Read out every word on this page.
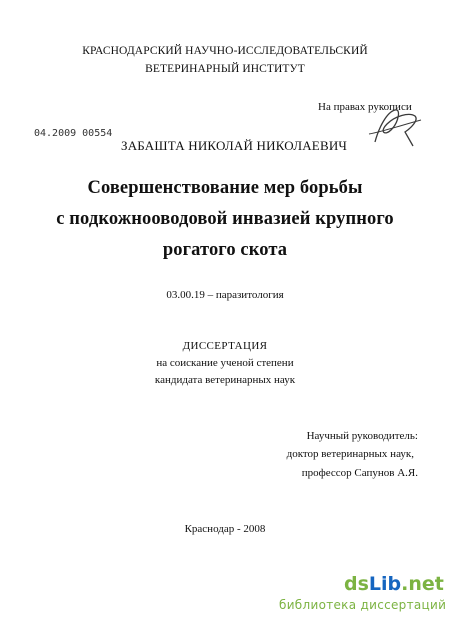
КРАСНОДАРСКИЙ НАУЧНО-ИССЛЕДОВАТЕЛЬСКИЙ
ВЕТЕРИНАРНЫЙ ИНСТИТУТ
На правах рукописи
04.2009 00554
ЗАБАШТА НИКОЛАЙ НИКОЛАЕВИЧ
Совершенствование мер борьбы
с подкожнооводовой инвазией крупного
рогатого скота
03.00.19 – паразитология
ДИССЕРТАЦИЯ
на соискание ученой степени
кандидата ветеринарных наук
Научный руководитель:
доктор ветеринарных наук,
профессор Сапунов А.Я.
Краснодар - 2008
dsLib.net
библиотека диссертаций
